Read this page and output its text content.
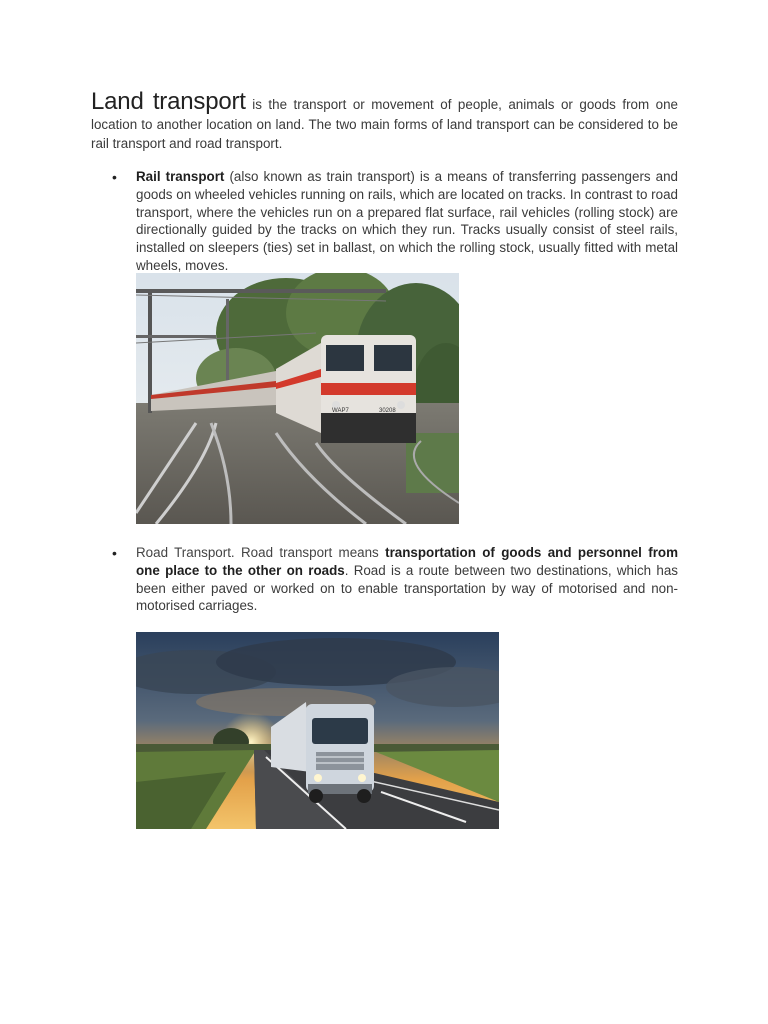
Land transport is the transport or movement of people, animals or goods from one location to another location on land. The two main forms of land transport can be considered to be rail transport and road transport.

• Rail transport (also known as train transport) is a means of transferring passengers and goods on wheeled vehicles running on rails, which are located on tracks. In contrast to road transport, where the vehicles run on a prepared flat surface, rail vehicles (rolling stock) are directionally guided by the tracks on which they run. Tracks usually consist of steel rails, installed on sleepers (ties) set in ballast, on which the rolling stock, usually fitted with metal wheels, moves.

WAP7	30208
• Road Transport. Road transport means transportation of goods and personnel from one place to the other on roads. Road is a route between two destinations, which has been either paved or worked on to enable transportation by way of motorised and non-motorised carriages.
